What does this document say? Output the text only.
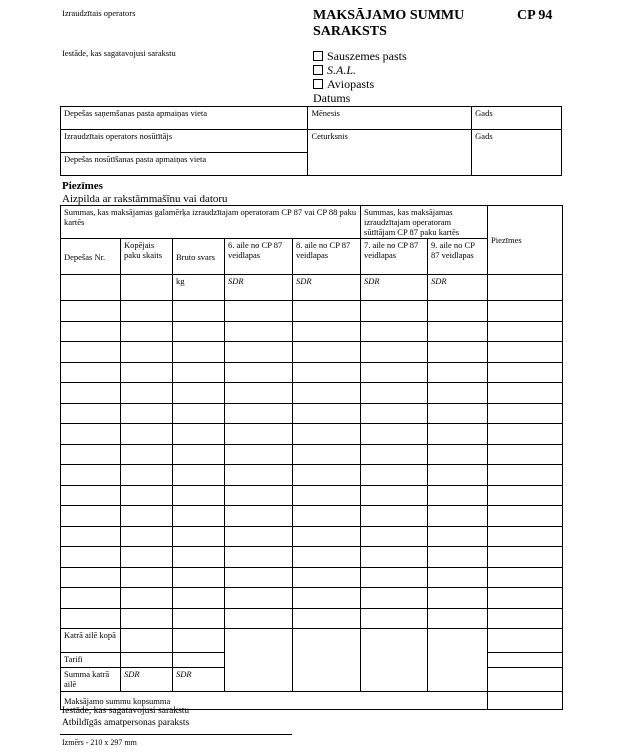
Izraudzītais operators
Iestāde, kas sagatavojusi sarakstu
MAKSĀJAMO SUMMU
SARAKSTS
CP 94
Sauszemes pasts
S.A.L.
Aviopasts
Datums
Depešas saņemšanas pasta apmaiņas vieta	Mēnesis	Gads
Izraudzītais operators nosūtītājs	Ceturksnis	Gads
Depešas nosūtīšanas pasta apmaiņas vieta		
Piezīmes
Aizpilda ar rakstāmmašīnu vai datoru
Summas, kas maksājamas galamērķa izraudzītajam operatoram CP 87 vai CP 88 paku kartēs					Summas, kas maksājamas izraudzītajam operatoram sūtītājam CP 87 paku kartēs		Piezīmes
Depešas Nr.	Kopējais paku skaits	Bruto svars	6. aile no CP 87 veidlapas	8. aile no CP 87 veidlapas	7. aile no CP 87 veidlapas	9. aile no CP 87 veidlapas	
		kg	SDR	SDR	SDR	SDR	

Katrā ailē kopā							
Tarifi							
Summa katrā ailē	SDR	SDR					
Maksājamo summu kopsumma							
Iestāde, kas sagatavojusi sarakstu
Atbildīgās amatpersonas paraksts
Izmērs - 210 x 297 mm
